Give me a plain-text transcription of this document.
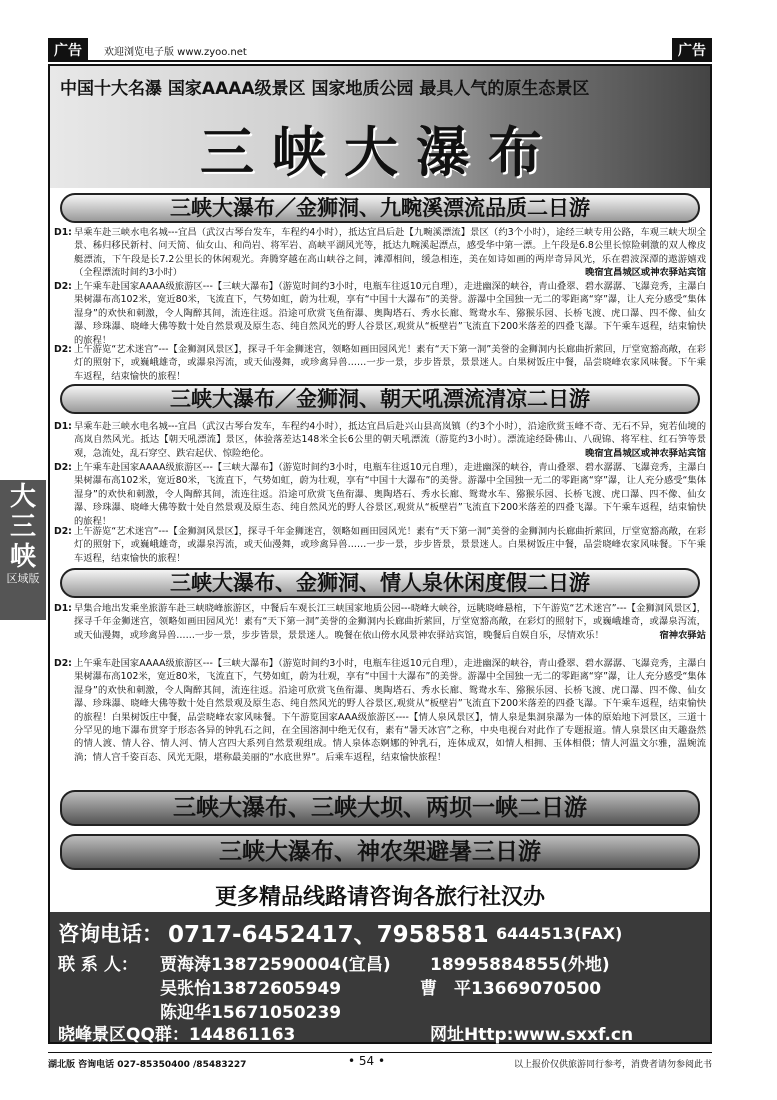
广告	欢迎浏览电子版 www.zyoo.net	广告
中国十大名瀑 国家AAAA级景区 国家地质公园 最具人气的原生态景区
三峡大瀑布
大三峡
区域版
三峡大瀑布／金狮洞、九畹溪漂流品质二日游
D1: 早乘车赴三峡水电名城---宜昌（武汉古琴台发车，车程约4小时），抵达宜昌后赴【九畹溪漂流】景区（约3个小时），途经三峡专用公路，车观三峡大坝全景、秭归移民新村、问天简、仙女山、和尚岩、将军岩、高峡平湖风光等，抵达九畹溪起漂点，感受华中第一漂。上午段是6.8公里长惊险刺激的双人橡皮艇漂流，下午段是长7.2公里长的休闲观光。奔腾穿越在高山峡谷之间，滩潭相间，缓急相连，美在如诗如画的两岸奇异风光，乐在碧波深潭的遨游嬉戏（全程漂流时间约3小时）	晚宿宜昌城区或神农驿站宾馆
D2: 上午乘车赴国家AAAA级旅游区---【三峡大瀑布】（游览时间约3小时，电瓶车往返10元自理），走进幽深的峡谷，青山叠翠、碧水潺潺、飞瀑竞秀，主瀑白果树瀑布高102米，宽近80米，飞流直下，气势如虹，蔚为壮观，享有“中国十大瀑布”的美誉。游瀑中全国独一无二的零距离“穿”瀑，让人充分感受“集体湿身”的欢快和刺激，令人陶醉其间，流连往返。沿途可欣赏飞鱼衔瀑、奥陶塔石、秀水长廊、鸳鸯水车、猕猴乐园、长桥飞渡、虎口瀑、四不像、仙女瀑、珍珠瀑、晓峰大佛等数十处自然景观及原生态、纯自然风光的野人谷景区,观赏从“板壁岩”飞流直下200米落差的四叠飞瀑。下午乘车返程，结束愉快的旅程！
D2: 上午游览“艺术迷宫”---【金狮洞风景区】，探寻千年金狮迷宫，领略如画田园风光！素有“天下第一洞”美誉的金狮洞内长廊曲折萦回，厅堂宽豁高敞，在彩灯的照射下，或巍峨雄奇，或瀑泉泻流，或天仙漫舞，或珍禽异兽……一步一景，步步皆景，景景迷人。白果树饭庄中餐，品尝晓峰农家风味餐。下午乘车返程，结束愉快的旅程！
三峡大瀑布／金狮洞、朝天吼漂流清凉二日游
D1: 早乘车赴三峡水电名城---宜昌（武汉古琴台发车，车程约4小时），抵达宜昌后赴兴山县高岚镇（约3个小时），沿途欣赏玉峰不奇、无石不异，宛若仙境的高岚自然风光。抵达【朝天吼漂流】景区，体验落差达148米全长6公里的朝天吼漂流（游览约3小时）。漂流途经卧佛山、八砚锦、将军柱、红石笋等景观，急流处，乱石穿空、跌宕起伏、惊险绝伦。	晚宿宜昌城区或神农驿站宾馆
D2: 上午乘车赴国家AAAA级旅游区---【三峡大瀑布】（游览时间约3小时，电瓶车往返10元自理），走进幽深的峡谷，青山叠翠、碧水潺潺、飞瀑竞秀，主瀑白果树瀑布高102米，宽近80米，飞流直下，气势如虹，蔚为壮观，享有“中国十大瀑布”的美誉。游瀑中全国独一无二的零距离“穿”瀑，让人充分感受“集体湿身”的欢快和刺激，令人陶醉其间，流连往返。沿途可欣赏飞鱼衔瀑、奥陶塔石、秀水长廊、鸳鸯水车、猕猴乐园、长桥飞渡、虎口瀑、四不像、仙女瀑、珍珠瀑、晓峰大佛等数十处自然景观及原生态、纯自然风光的野人谷景区,观赏从“板壁岩”飞流直下200米落差的四叠飞瀑。下午乘车返程，结束愉快的旅程！
D2: 上午游览“艺术迷宫”---【金狮洞风景区】，探寻千年金狮迷宫，领略如画田园风光！素有“天下第一洞”美誉的金狮洞内长廊曲折萦回，厅堂宽豁高敞，在彩灯的照射下，或巍峨雄奇，或瀑泉泻流，或天仙漫舞，或珍禽异兽……一步一景，步步皆景，景景迷人。白果树饭庄中餐，品尝晓峰农家风味餐。下午乘车返程，结束愉快的旅程！
三峡大瀑布、金狮洞、情人泉休闲度假二日游
D1: 早集合地出发乘坐旅游车赴三峡晓峰旅游区，中餐后车观长江三峡国家地质公园---晓峰大峡谷，远眺晓峰悬棺，下午游览“艺术迷宫”---【金狮洞风景区】，探寻千年金狮迷宫，领略如画田园风光！素有“天下第一洞”美誉的金狮洞内长廊曲折萦回，厅堂宽豁高敞，在彩灯的照射下，或巍峨雄奇，或瀑泉泻流，或天仙漫舞，或珍禽异兽……一步一景，步步皆景，景景迷人。晚餐在依山傍水风景神农驿站宾馆，晚餐后自娱自乐，尽情欢乐！	宿神农驿站
D2: 上午乘车赴国家AAAA级旅游区---【三峡大瀑布】（游览时间约3小时，电瓶车往返10元自理），走进幽深的峡谷，青山叠翠、碧水潺潺、飞瀑竞秀，主瀑白果树瀑布高102米，宽近80米，飞流直下，气势如虹，蔚为壮观，享有“中国十大瀑布”的美誉。游瀑中全国独一无二的零距离“穿”瀑，让人充分感受“集体湿身”的欢快和刺激，令人陶醉其间，流连往返。沿途可欣赏飞鱼衔瀑、奥陶塔石、秀水长廊、鸳鸯水车、猕猴乐园、长桥飞渡、虎口瀑、四不像、仙女瀑、珍珠瀑、晓峰大佛等数十处自然景观及原生态、纯自然风光的野人谷景区,观赏从“板壁岩”飞流直下200米落差的四叠飞瀑。下午乘车返程，结束愉快的旅程！白果树饭庄中餐，品尝晓峰农家风味餐。下午游览国家AAA级旅游区----【情人泉风景区】，情人泉是集洞泉瀑为一体的原始地下河景区，三道十分罕见的地下瀑布贯穿于形态各异的钟乳石之间，在全国溶洞中绝无仅有，素有“暑天冰宫”之称，中央电视台对此作了专题报道。情人泉景区由天趣盎然的情人渡、情人谷、情人河、情人宫四大系列自然景观组成。情人泉体态婀娜的钟乳石，连体成双，如情人相拥、玉体相偎；情人河温文尔雅，温婉流淌；情人宫千姿百态、风光无限，堪称最美丽的“水底世界”。后乘车返程，结束愉快旅程！
三峡大瀑布、三峡大坝、两坝一峡二日游
三峡大瀑布、神农架避暑三日游
更多精品线路请咨询各旅行社汉办
咨询电话： 0717-6452417、7958581
、6444513(FAX)
联 系 人： 贾海涛13872590004(宜昌) 18995884855(外地)
吴张怡13872605949	曹　平13669070500
陈迎华15671050239
晓峰景区QQ群：144861163	网址Http:www.sxxf.cn
湖北版 咨询电话 027-85350400 /85483227	• 54 •	以上报价仅供旅游同行参考，消费者请勿参阅此书
